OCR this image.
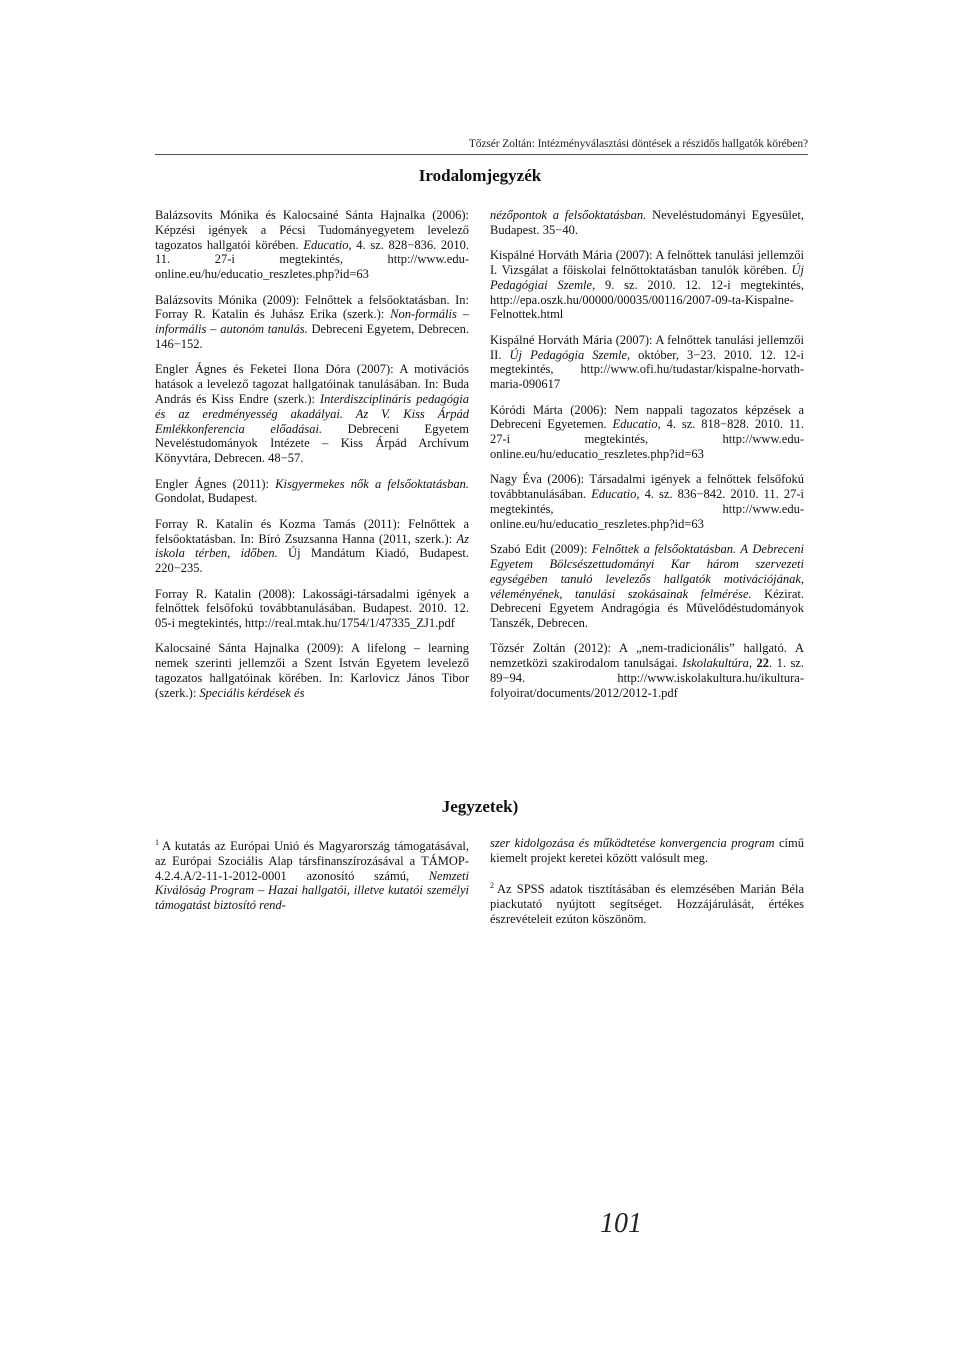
Tőzsér Zoltán: Intézményválasztási döntések a részidős hallgatók körében?
Irodalomjegyzék

Balázsovits Mónika és Kalocsainé Sánta Hajnalka (2006): Képzési igények a Pécsi Tudományegyetem levelező tagozatos hallgatói körében. Educatio, 4. sz. 828−836. 2010. 11. 27-i megtekintés, http://www.edu-online.eu/hu/educatio_reszletes.php?id=63

Balázsovits Mónika (2009): Felnőttek a felsőoktatásban. In: Forray R. Katalin és Juhász Erika (szerk.): Non-formális – informális – autonóm tanulás. Debreceni Egyetem, Debrecen. 146−152.

Engler Ágnes és Feketei Ilona Dóra (2007): A motivációs hatások a levelező tagozat hallgatóinak tanulásában. In: Buda András és Kiss Endre (szerk.): Interdiszciplináris pedagógia és az eredményesség akadályai. Az V. Kiss Árpád Emlékkonferencia előadásai. Debreceni Egyetem Neveléstudományok Intézete – Kiss Árpád Archívum Könyvtára, Debrecen. 48−57.

Engler Ágnes (2011): Kisgyermekes nők a felsőoktatásban. Gondolat, Budapest.

Forray R. Katalin és Kozma Tamás (2011): Felnőttek a felsőoktatásban. In: Bíró Zsuzsanna Hanna (2011, szerk.): Az iskola térben, időben. Új Mandátum Kiadó, Budapest. 220−235.

Forray R. Katalin (2008): Lakossági-társadalmi igények a felnőttek felsőfokú továbbtanulásában. Budapest. 2010. 12. 05-i megtekintés, http://real.mtak.hu/1754/1/47335_ZJ1.pdf

Kalocsainé Sánta Hajnalka (2009): A lifelong – learning nemek szerinti jellemzői a Szent István Egyetem levelező tagozatos hallgatóinak körében. In: Karlovicz János Tibor (szerk.): Speciális kérdések és

nézőpontok a felsőoktatásban. Neveléstudományi Egyesület, Budapest. 35−40.

Kispálné Horváth Mária (2007): A felnőttek tanulási jellemzői I. Vizsgálat a főiskolai felnőttoktatásban tanulók körében. Új Pedagógiai Szemle, 9. sz. 2010. 12. 12-i megtekintés, http://epa.oszk.hu/00000/00035/00116/2007-09-ta-Kispalne-Felnottek.html

Kispálné Horváth Mária (2007): A felnőttek tanulási jellemzői II. Új Pedagógia Szemle, október, 3−23. 2010. 12. 12-i megtekintés, http://www.ofi.hu/tudastar/kispalne-horvath-maria-090617

Kóródi Márta (2006): Nem nappali tagozatos képzések a Debreceni Egyetemen. Educatio, 4. sz. 818−828. 2010. 11. 27-i megtekintés, http://www.edu-online.eu/hu/educatio_reszletes.php?id=63

Nagy Éva (2006): Társadalmi igények a felnőttek felsőfokú továbbtanulásában. Educatio, 4. sz. 836−842. 2010. 11. 27-i megtekintés, http://www.edu-online.eu/hu/educatio_reszletes.php?id=63

Szabó Edit (2009): Felnőttek a felsőoktatásban. A Debreceni Egyetem Bölcsészettudományi Kar három szervezeti egységében tanuló levelezős hallgatók motivációjának, véleményének, tanulási szokásainak felmérése. Kézirat. Debreceni Egyetem Andragógia és Művelődéstudományok Tanszék, Debrecen.

Tőzsér Zoltán (2012): A „nem-tradicionális” hallgató. A nemzetközi szakirodalom tanulságai. Iskolakultúra, 22. 1. sz. 89−94. http://www.iskolakultura.hu/ikultura-folyoirat/documents/2012/2012-1.pdf

Jegyzetek)
$^1$ A kutatás az Európai Unió és Magyarország támogatásával, az Európai Szociális Alap társfinanszírozásával a TÁMOP-4.2.4.A/2-11-1-2012-0001 azonosító számú, Nemzeti Kiválóság Program – Hazai hallgatói, illetve kutatói személyi támogatást biztosító rend-
szer kidolgozása és működtetése konvergencia program című kiemelt projekt keretei között valósult meg.
$^2$ Az SPSS adatok tisztításában és elemzésében Marián Béla piackutató nyújtott segítséget. Hozzájárulását, értékes észrevételeit ezúton köszönöm.
101
